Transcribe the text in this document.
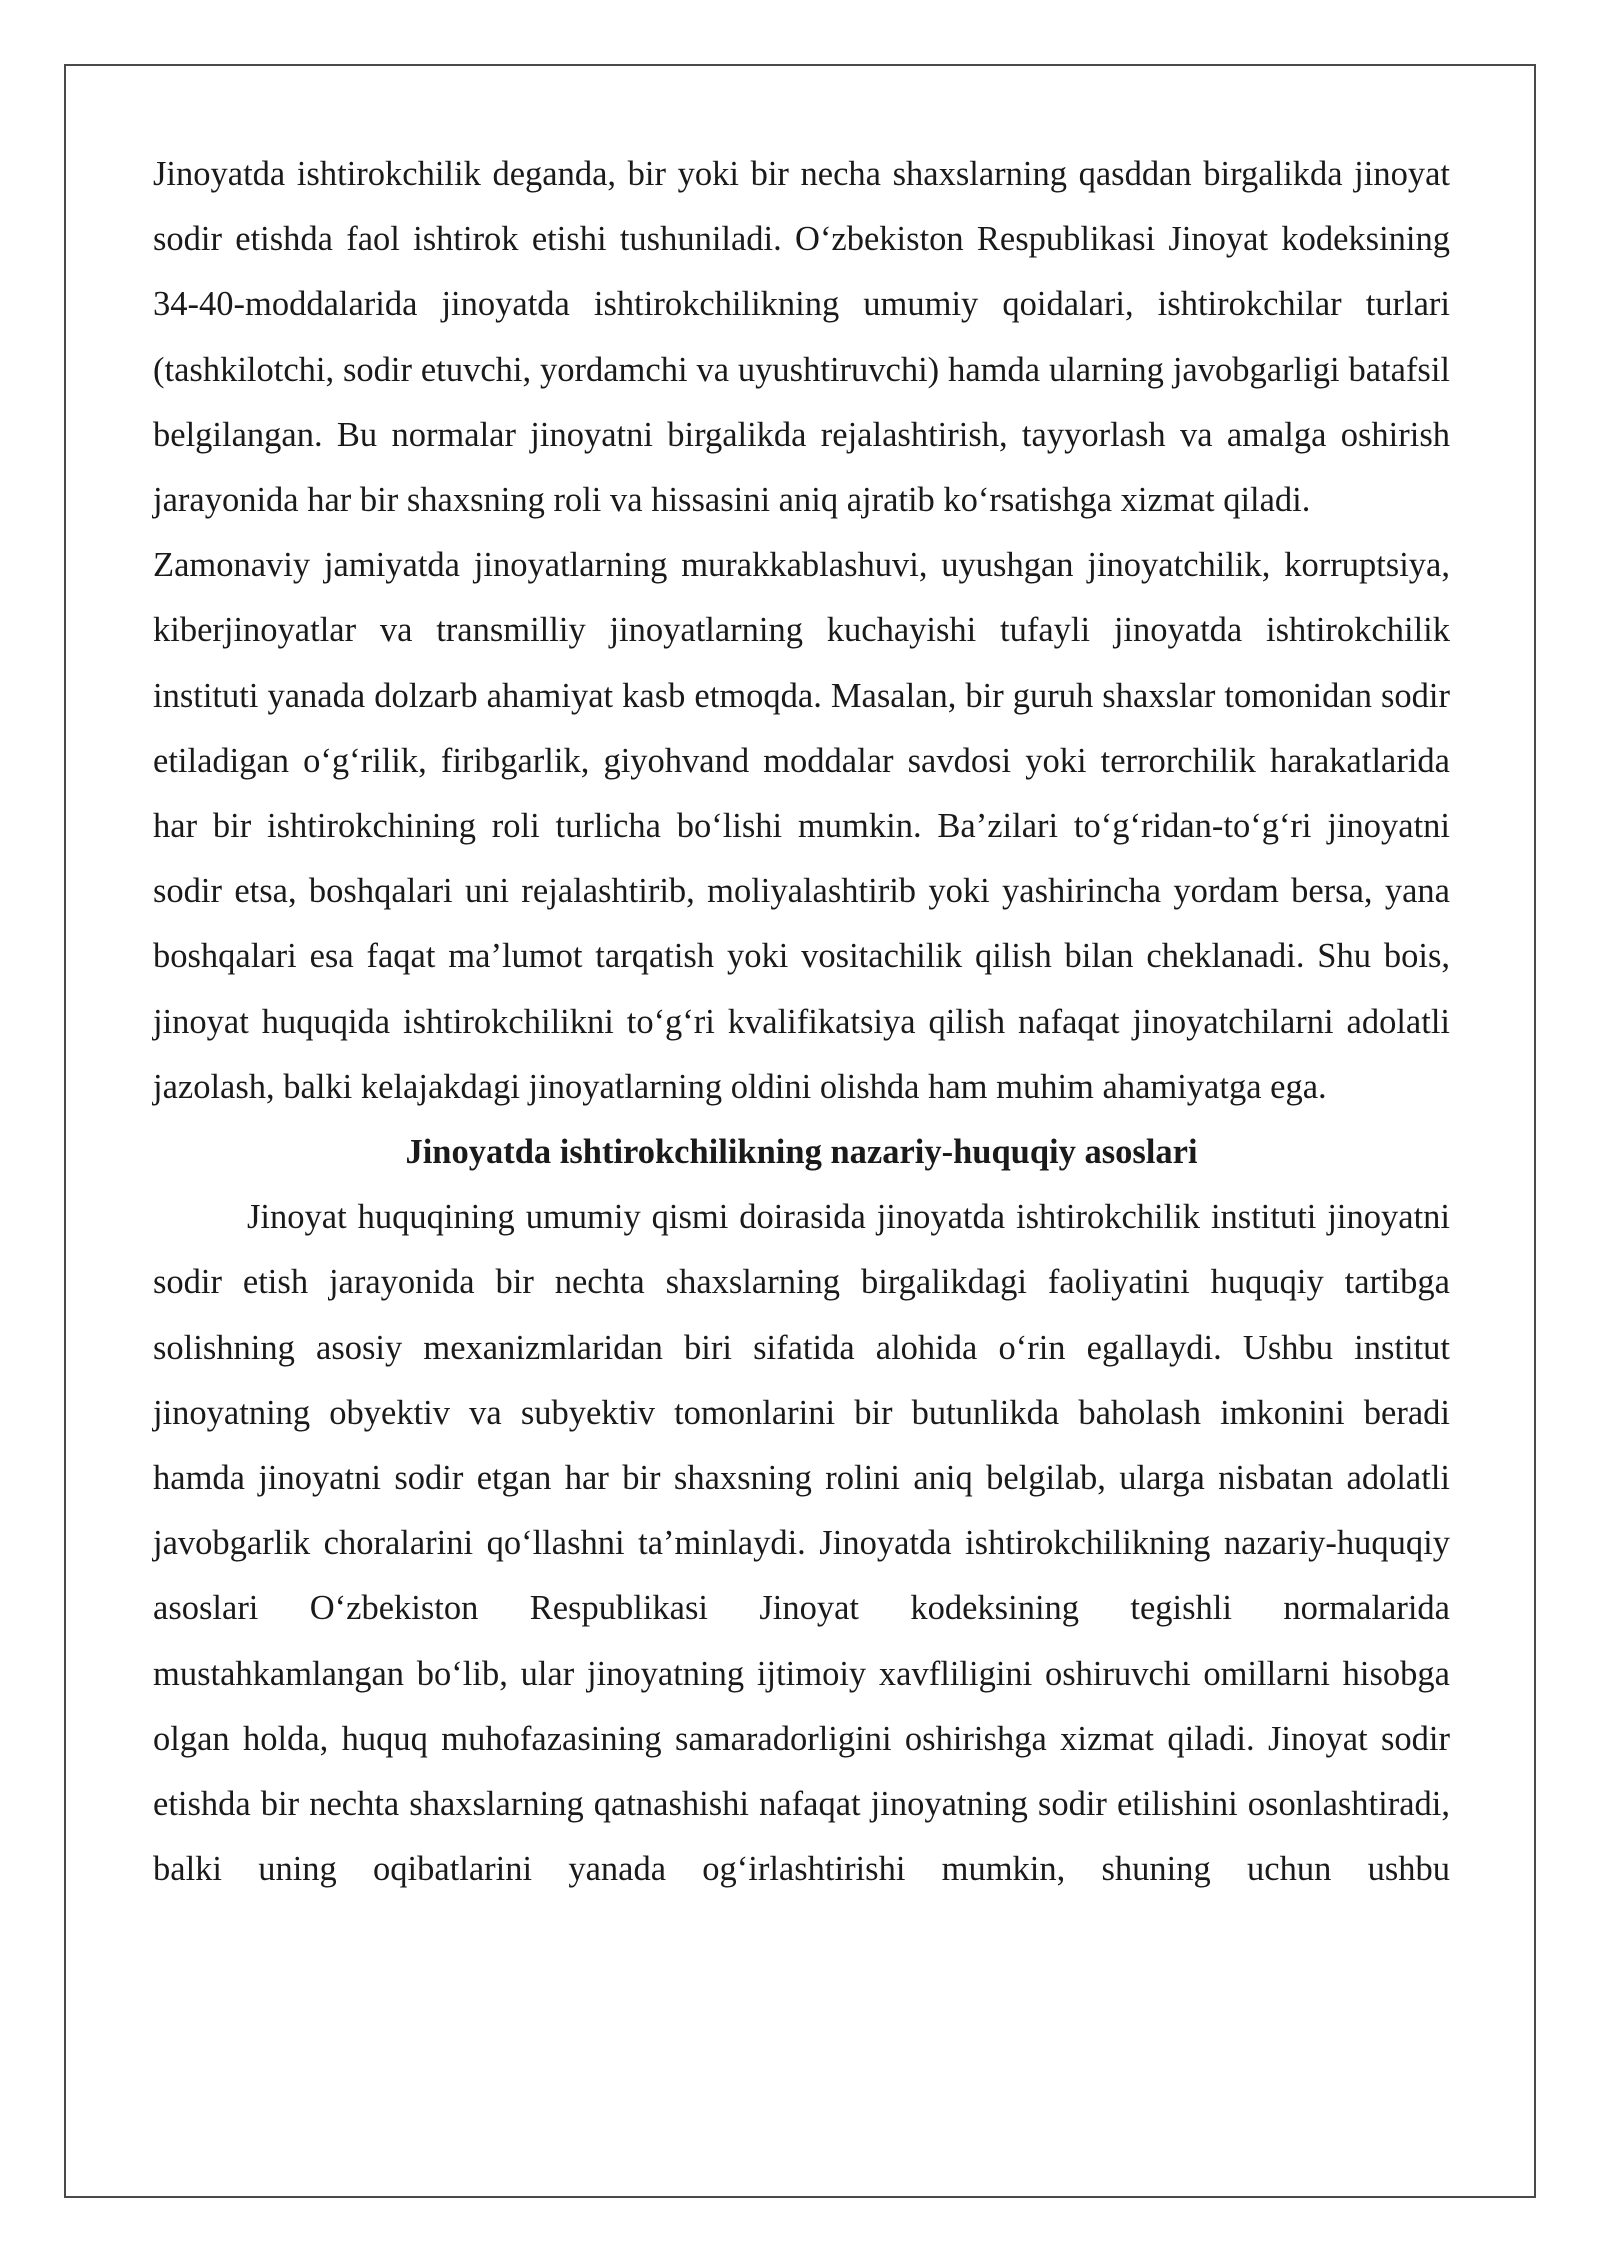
Jinoyatda ishtirokchilik deganda, bir yoki bir necha shaxslarning qasddan birgalikda jinoyat sodir etishda faol ishtirok etishi tushuniladi. O‘zbekiston Respublikasi Jinoyat kodeksining 34-40-moddalarida jinoyatda ishtirokchilikning umumiy qoidalari, ishtirokchilar turlari (tashkilotchi, sodir etuvchi, yordamchi va uyushtiruvchi) hamda ularning javobgarligi batafsil belgilangan. Bu normalar jinoyatni birgalikda rejalashtirish, tayyorlash va amalga oshirish jarayonida har bir shaxsning roli va hissasini aniq ajratib ko‘rsatishga xizmat qiladi.

Zamonaviy jamiyatda jinoyatlarning murakkablashuvi, uyushgan jinoyatchilik, korruptsiya, kiberjinoyatlar va transmilliy jinoyatlarning kuchayishi tufayli jinoyatda ishtirokchilik instituti yanada dolzarb ahamiyat kasb etmoqda. Masalan, bir guruh shaxslar tomonidan sodir etiladigan o‘g‘rilik, firibgarlik, giyohvand moddalar savdosi yoki terrorchilik harakatlarida har bir ishtirokchining roli turlicha bo‘lishi mumkin. Ba’zilari to‘g‘ridan-to‘g‘ri jinoyatni sodir etsa, boshqalari uni rejalashtirib, moliyalashtirib yoki yashirincha yordam bersa, yana boshqalari esa faqat ma’lumot tarqatish yoki vositachilik qilish bilan cheklanadi. Shu bois, jinoyat huquqida ishtirokchilikni to‘g‘ri kvalifikatsiya qilish nafaqat jinoyatchilarni adolatli jazolash, balki kelajakdagi jinoyatlarning oldini olishda ham muhim ahamiyatga ega.

Jinoyatda ishtirokchilikning nazariy-huquqiy asoslari

Jinoyat huquqining umumiy qismi doirasida jinoyatda ishtirokchilik instituti jinoyatni sodir etish jarayonida bir nechta shaxslarning birgalikdagi faoliyatini huquqiy tartibga solishning asosiy mexanizmlaridan biri sifatida alohida o‘rin egallaydi. Ushbu institut jinoyatning obyektiv va subyektiv tomonlarini bir butunlikda baholash imkonini beradi hamda jinoyatni sodir etgan har bir shaxsning rolini aniq belgilab, ularga nisbatan adolatli javobgarlik choralarini qo‘llashni ta’minlaydi. Jinoyatda ishtirokchilikning nazariy-huquqiy asoslari O‘zbekiston Respublikasi Jinoyat kodeksining tegishli normalarida mustahkamlangan bo‘lib, ular jinoyatning ijtimoiy xavfliligini oshiruvchi omillarni hisobga olgan holda, huquq muhofazasining samaradorligini oshirishga xizmat qiladi. Jinoyat sodir etishda bir nechta shaxslarning qatnashishi nafaqat jinoyatning sodir etilishini osonlashtiradi, balki uning oqibatlarini yanada og‘irlashtirishi mumkin, shuning uchun ushbu
